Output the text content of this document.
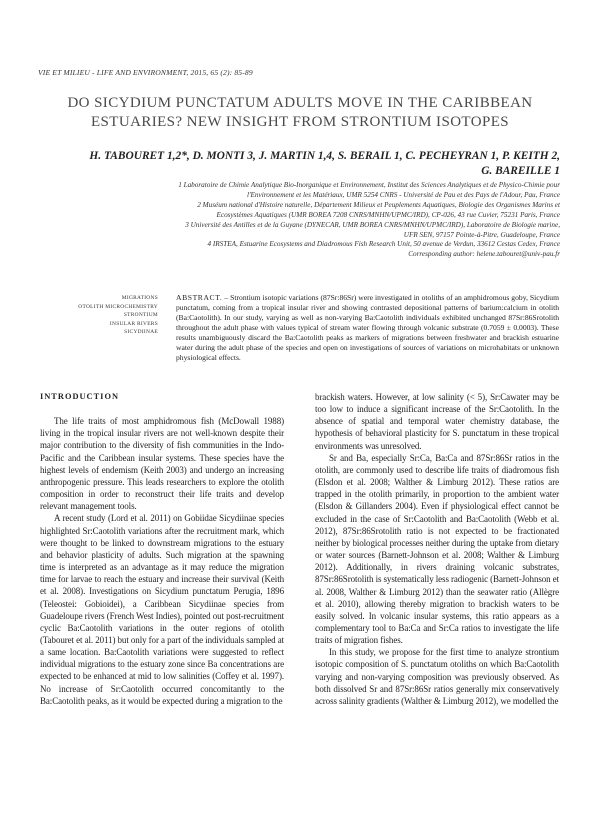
VIE ET MILIEU - LIFE AND ENVIRONMENT, 2015, 65 (2): 85-89
DO SICYDIUM PUNCTATUM ADULTS MOVE IN THE CARIBBEAN
ESTUARIES? NEW INSIGHT FROM STRONTIUM ISOTOPES
H. TABOURET 1,2*, D. MONTI 3, J. MARTIN 1,4, S. BERAIL 1, C. PECHEYRAN 1, P. KEITH 2,
G. BAREILLE 1

1 Laboratoire de Chimie Analytique Bio-Inorganique et Environnement, Institut des Sciences Analytiques et de Physico-Chimie pour

l'Environnement et les Matériaux, UMR 5254 CNRS - Université de Pau et des Pays de l'Adour, Pau, France

2 Muséum national d'Histoire naturelle, Département Milieux et Peuplements Aquatiques, Biologie des Organismes Marins et

Ecosystèmes Aquatiques (UMR BOREA 7208 CNRS/MNHN/UPMC/IRD), CP-026, 43 rue Cuvier, 75231 Paris, France

3 Université des Antilles et de la Guyane (DYNECAR, UMR BOREA CNRS/MNHN/UPMC/IRD), Laboratoire de Biologie marine,

UFR SEN, 97157 Pointe-à-Pitre, Guadeloupe, France

4 IRSTEA, Estuarine Ecosystems and Diadromous Fish Research Unit, 50 avenue de Verdun, 33612 Cestas Cedex, France

Corresponding author: helene.tabouret@univ-pau.fr

MIGRATIONS
OTOLITH MICROCHEMISTRY
STRONTIUM
INSULAR RIVERS
SICYDIINAE

ABSTRACT. – Strontium isotopic variations (87Sr:86Sr) were investigated in otoliths of an amphidromous goby, Sicydium punctatum, coming from a tropical insular river and showing contrasted depositional patterns of barium:calcium in otolith (Ba:Caotolith). In our study, varying as well as non-varying Ba:Caotolith individuals exhibited unchanged 87Sr:86Srotolith throughout the adult phase with values typical of stream water flowing through volcanic substrate (0.7059 ± 0.0003). These results unambiguously discard the Ba:Caotolith peaks as markers of migrations between freshwater and brackish estuarine water during the adult phase of the species and open on investigations of sources of variations on microhabitats or unknown physiological effects.

INTRODUCTION

The life traits of most amphidromous fish (McDowall 1988) living in the tropical insular rivers are not well-known despite their major contribution to the diversity of fish communities in the Indo-Pacific and the Caribbean insular systems. These species have the highest levels of endemism (Keith 2003) and undergo an increasing anthropogenic pressure. This leads researchers to explore the otolith composition in order to reconstruct their life traits and develop relevant management tools.

A recent study (Lord et al. 2011) on Gobiidae Sicydiinae species highlighted Sr:Caotolith variations after the recruitment mark, which were thought to be linked to downstream migrations to the estuary and behavior plasticity of adults. Such migration at the spawning time is interpreted as an advantage as it may reduce the migration time for larvae to reach the estuary and increase their survival (Keith et al. 2008). Investigations on Sicydium punctatum Perugia, 1896 (Teleostei: Gobioidei), a Caribbean Sicydiinae species from Guadeloupe rivers (French West Indies), pointed out post-recruitment cyclic Ba:Caotolith variations in the outer regions of otolith (Tabouret et al. 2011) but only for a part of the individuals sampled at a same location. Ba:Caotolith variations were suggested to reflect individual migrations to the estuary zone since Ba concentrations are expected to be enhanced at mid to low salinities (Coffey et al. 1997). No increase of Sr:Caotolith occurred concomitantly to the Ba:Caotolith peaks, as it would be expected during a migration to the

brackish waters. However, at low salinity (< 5), Sr:Cawater may be too low to induce a significant increase of the Sr:Caotolith. In the absence of spatial and temporal water chemistry database, the hypothesis of behavioral plasticity for S. punctatum in these tropical environments was unresolved.

Sr and Ba, especially Sr:Ca, Ba:Ca and 87Sr:86Sr ratios in the otolith, are commonly used to describe life traits of diadromous fish (Elsdon et al. 2008; Walther & Limburg 2012). These ratios are trapped in the otolith primarily, in proportion to the ambient water (Elsdon & Gillanders 2004). Even if physiological effect cannot be excluded in the case of Sr:Caotolith and Ba:Caotolith (Webb et al. 2012), 87Sr:86Srotolith ratio is not expected to be fractionated neither by biological processes neither during the uptake from dietary or water sources (Barnett-Johnson et al. 2008; Walther & Limburg 2012). Additionally, in rivers draining volcanic substrates, 87Sr:86Srotolith is systematically less radiogenic (Barnett-Johnson et al. 2008, Walther & Limburg 2012) than the seawater ratio (Allègre et al. 2010), allowing thereby migration to brackish waters to be easily solved. In volcanic insular systems, this ratio appears as a complementary tool to Ba:Ca and Sr:Ca ratios to investigate the life traits of migration fishes.

In this study, we propose for the first time to analyze strontium isotopic composition of S. punctatum otoliths on which Ba:Caotolith varying and non-varying composition was previously observed. As both dissolved Sr and 87Sr:86Sr ratios generally mix conservatively across salinity gradients (Walther & Limburg 2012), we modelled the
